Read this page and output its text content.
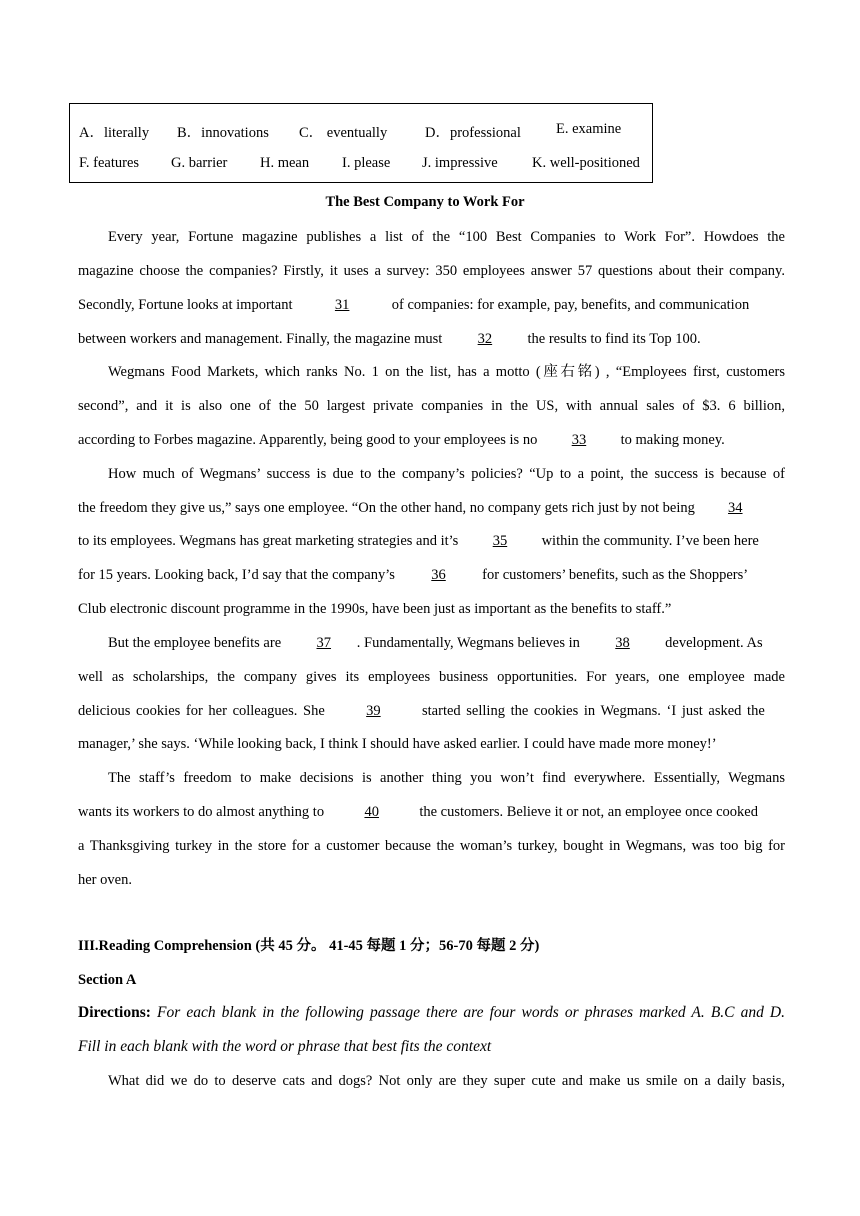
A．literally B．innovations C． eventually	D．professional E. examine
F. features G. barrier H. mean I. please J. impressive K. well-positioned
The Best Company to Work For
Every year, Fortune magazine publishes a list of the “100 Best Companies to Work For”. Howdoes the
magazine choose the companies? Firstly, it uses a survey: 350 employees answer 57 questions about their company.
Secondly, Fortune looks at important	31	of companies: for example, pay, benefits, and communication
between workers and management. Finally, the magazine must 32 the results to find its Top 100.
Wegmans Food Markets, which ranks No. 1 on the list, has a motto (座右铭) , “Employees first, customers
second”, and it is also one of the 50 largest private companies in the US, with annual sales of $3. 6 billion,
according to Forbes magazine. Apparently, being good to your employees is no 33 to making money.
How much of Wegmans’ success is due to the company’s policies? “Up to a point, the success is because of
the freedom they give us,” says one employee. “On the other hand, no company gets rich just by not being 34
to its employees. Wegmans has great marketing strategies and it’s 35 within the community. I’ve been here
for 15 years. Looking back, I’d say that the company’s	36	for customers’ benefits, such as the Shoppers’
Club electronic discount programme in the 1990s, have been just as important as the benefits to staff.”
But the employee benefits are 37 . Fundamentally, Wegmans believes in 38 development. As
well as scholarships, the company gives its employees business opportunities. For years, one employee made
delicious cookies for her colleagues. She	39	started selling the cookies in Wegmans. ‘I just asked the
manager,’ she says. ‘While looking back, I think I should have asked earlier. I could have made more money!’
The staff’s freedom to make decisions is another thing you won’t find everywhere. Essentially, Wegmans
wants its workers to do almost anything to	40	the customers. Believe it or not, an employee once cooked
a Thanksgiving turkey in the store for a customer because the woman’s turkey, bought in Wegmans, was too big for
her oven.
III.Reading Comprehension (共 45 分。 41-45 每题 1 分；56-70 每题 2 分)
Section A
Directions: For each blank in the following passage there are four words or phrases marked A. B.C and D.
Fill in each blank with the word or phrase that best fits the context
What did we do to deserve cats and dogs? Not only are they super cute and make us smile on a daily basis,
